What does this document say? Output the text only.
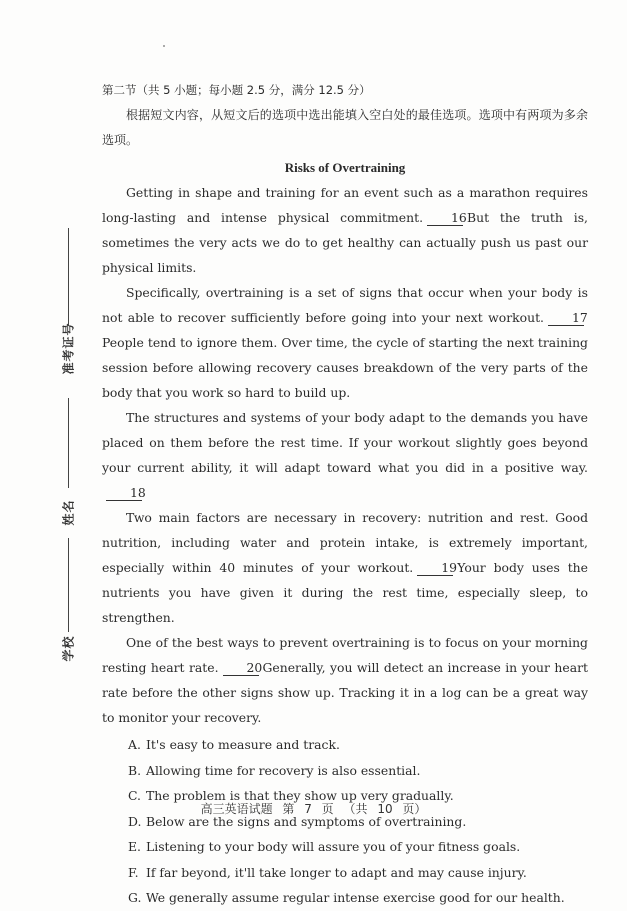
准考证号
姓名
学校

第二节（共 5 小题；每小题 2.5 分，满分 12.5 分）

根据短文内容，从短文后的选项中选出能填入空白处的最佳选项。选项中有两项为多余选项。

Risks of Overtraining

Getting in shape and training for an event such as a marathon requires long-lasting and intense physical commitment. 16But the truth is, sometimes the very acts we do to get healthy can actually push us past our physical limits.

Specifically, overtraining is a set of signs that occur when your body is not able to recover sufficiently before going into your next workout. 17People tend to ignore them. Over time, the cycle of starting the next training session before allowing recovery causes breakdown of the very parts of the body that you work so hard to build up.

The structures and systems of your body adapt to the demands you have placed on them before the rest time. If your workout slightly goes beyond your current ability, it will adapt toward what you did in a positive way.18

Two main factors are necessary in recovery: nutrition and rest. Good nutrition, including water and protein intake, is extremely important, especially within 40 minutes of your workout. 19Your body uses the nutrients you have given it during the rest time, especially sleep, to strengthen.

One of the best ways to prevent overtraining is to focus on your morning resting heart rate. 20Generally, you will detect an increase in your heart rate before the other signs show up. Tracking it in a log can be a great way to monitor your recovery.

A. It's easy to measure and track.
B. Allowing time for recovery is also essential.
C. The problem is that they show up very gradually.
D. Below are the signs and symptoms of overtraining.
E. Listening to your body will assure you of your fitness goals.
F. If far beyond, it'll take longer to adapt and may cause injury.
G. We generally assume regular intense exercise good for our health.
高三英语试题 第 7 页 （共 10 页）
